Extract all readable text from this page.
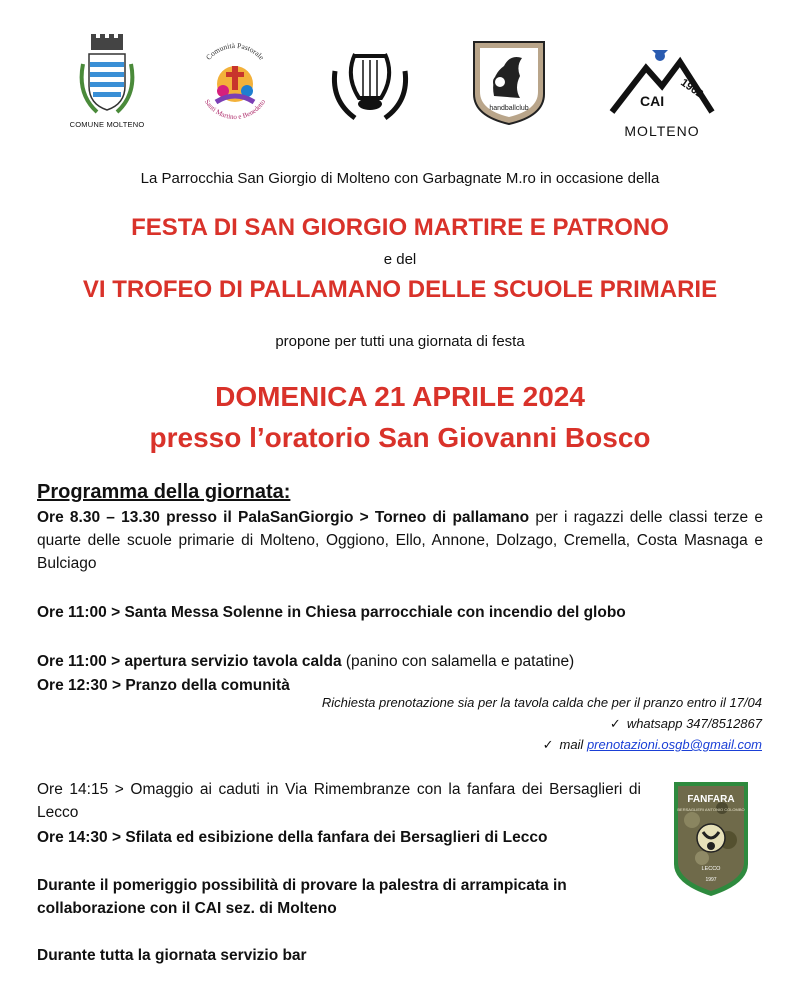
COMUNE MOLTENO
Comunità Pastorale
Santi Martino e Benedetto
handballclub	CAI
1962
MOLTENO
La Parrocchia San Giorgio di Molteno con Garbagnate M.ro in occasione della
FESTA DI SAN GIORGIO MARTIRE E PATRONO
e del
VI TROFEO DI PALLAMANO DELLE SCUOLE PRIMARIE
propone per tutti una giornata di festa
DOMENICA 21 APRILE 2024
presso l’oratorio San Giovanni Bosco
Programma della giornata:
Ore 8.30 – 13.30 presso il PalaSanGiorgio > Torneo di pallamano per i ragazzi delle classi terze e quarte delle scuole primarie di Molteno, Oggiono, Ello, Annone, Dolzago, Cremella, Costa Masnaga e Bulciago
Ore 11:00 > Santa Messa Solenne in Chiesa parrocchiale con incendio del globo
Ore 11:00 > apertura servizio tavola calda (panino con salamella e patatine)
Ore 12:30 > Pranzo della comunità
Richiesta prenotazione sia per la tavola calda che per il pranzo entro il 17/04
✓ whatsapp 347/8512867
✓ mail prenotazioni.osgb@gmail.com
Ore 14:15 > Omaggio ai caduti in Via Rimembranze con la fanfara dei Bersaglieri di Lecco
Ore 14:30 > Sfilata ed esibizione della fanfara dei Bersaglieri di Lecco
Durante il pomeriggio possibilità di provare la palestra di arrampicata in collaborazione con il CAI sez. di Molteno
Durante tutta la giornata servizio bar
FANFARA
BERSAGLIERI ANTONIO COLOMBO
LECCO
1997
